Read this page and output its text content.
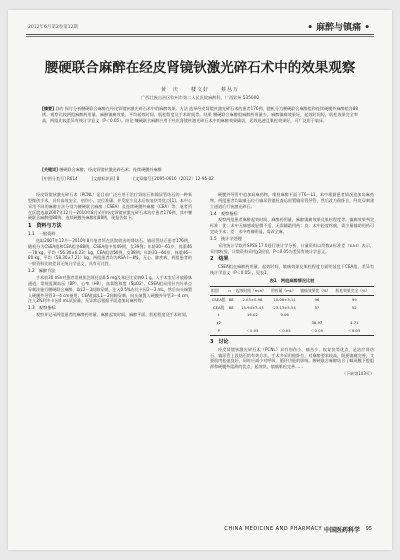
2012年6月第2卷第12期	• 麻醉与镇痛 •
腰硬联合麻醉在经皮肾镜钬激光碎石术中的效果观察
黄　庆　　楼文好　　蔡丛万
广西壮族自治区钦州市第二人民医院麻醉科，广西钦州 535000
[摘要] 目的 探讨分析腰硬联合麻醉在经皮肾镜钬激光碎石术中的麻醉效果。方法 选择经皮肾镜钬激光碎石术的患者176例，随机分为腰硬联合麻醉组和连续硬膜外麻醉组各88例。观察比较两组麻醉药用量、麻醉镇痛效果、平均起效时间、肌松程度及手术时间等。结果 腰硬联合麻醉组麻醉药用量少，麻醉镇痛效果好，起效时间短，肌松效果完全率高，两组比较差异有统计学意义（P＜0.05）。结论 腰硬联合麻醉应用于经皮肾镜钬激光碎石术中的麻醉效果确切，起效迅速且肌松效果好，可广泛用于临床。
[关键词] 腰硬联合麻醉；经皮肾镜钬激光碎石术；连续硬膜外麻醉
[中图分类号] R614	[文献标识码] B	[文章编号] 2095-0616（2012）12-95-02

经皮肾镜钬激光碎石术（PCNL）是目前广泛应用于治疗肾结石和输尿管结石的一种新型微创手术，具有高效安全、创伤小、定位准确、并发症少及术后恢复快等优点[1]。本中心采用不同的麻醉方法分别为腰硬联合麻醉（CSEA）及连续硬膜外麻醉（CEA）等。笔者所在医院选取2007年12月～2010年8月采用经皮肾镜钬激光碎石术治疗患者176例，其中腰硬联合麻醉组88例，连续硬膜外麻醉组88例，现报告如下。

1　资料与方法

1.1　一般资料

选取2007年12月～2010年8月笔者所在医院收治的肾结石、输尿管结石患者176例，随机分为CSEA组和CEA组各88例。CSEA组中男49例，女39例；年龄30～61岁，体重46～78 kg，平均（56.30±6.23）kg。CEA组男50例，女38例；年龄33～60岁，体重46～80 kg，平均（58.30±7.21）kg。两组患者均为ASA Ⅰ～Ⅱ级，无心、肺疾病，两组患者的一般资料比较差异无统计学意义，具有可比性。

1.2　麻醉方法

手术前30 min对患者常规肌注阿托品0.5 mg及苯巴比妥钠0.1 g。入手术室后开放静脉通道，常规监测血压（BP）、心率（HR）、血氧饱和度（SpO2）。CSEA组采用针内针单点穿刺法施行腰硬联合麻醉，取L2～3间隙穿刺，注入0.5%布比卡因2～3 mL，然后向头端置入硬膜外导管3～4 cm备用；CEA组取L1～2间隙穿刺，向头端置入硬膜外导管3～4 cm，注入2%利多卡因4 mL试验量，无异常后根据平面追加局麻药物。

1.3　观察指标

观察并记录两组患者的麻醉药用量、麻醉起效时间、麻醉平面、肌松程度及手术时间。

硬膜外导管中追加局麻药物，维持麻醉平面于T6～L1，术中根据患者情况追加局麻药物。两组患者均取截石位行输尿管镜检查后留置输尿管导管，然后改为俯卧位，经皮穿刺建立通道后行钬激光碎石。

1.4　观察指标

观察两组患者麻醉起效时间、麻醉药用量、麻醉镇痛效果及肌松程度等。镇痛效果判定标准：优：术中无痛感或轻微不适，无需辅助用药；良：术中轻度疼痛，需少量辅助用药可完成手术；差：术中疼痛明显，需改全麻。

1.5　统计学处理

采用统计学软件SPSS 17.0进行统计学分析，计量资料以均数±标准差（x±s）表示，采用t检验，计数资料采用χ2检验，P＜0.05为差异有统计学意义。

2　结果

CSEA组在麻醉药用量、起效时间、镇痛效果及肌松程度方面明显优于CEA组，差异有统计学意义（P＜0.05）。见表1。

表1　两组麻醉情况比较
组别	n	起效时间（min）	用药量（mL）	镇痛效果优（%）	肌松效果完全（%）
CSEA组	88	2.03±0.98	10.08±3.11	96	99
CEA组	88	15.94±3.43	23.13±5.54	57	52
t		16.02	9.06		
χ2				38.97	4.71
P		＜0.05	＜0.05	＜0.05	＜0.05

3　讨论

经皮肾镜钬激光碎石术（PCNL）具有创伤小、痛苦少、恢复快等优点，是治疗肾结石、输尿管上段结石的有效方法。手术多采用俯卧位，对麻醉要求较高，既要镇痛完善，又要肌肉松弛良好，同时应减少对呼吸、循环功能的影响。腰硬联合麻醉结合了蛛网膜下腔阻滞和硬膜外阻滞的优点，起效快、镇痛肌松完善……

（下转第103页）

CHINA MEDICINE AND PHARMACY 中国医药科学 95
